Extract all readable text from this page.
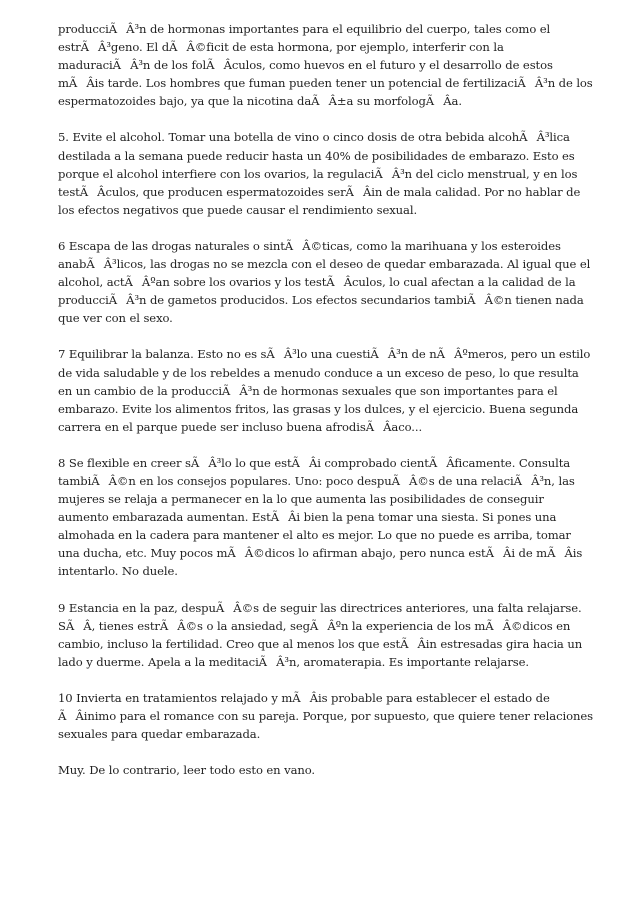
producciÃÂ³n de hormonas importantes para el equilibrio del cuerpo, tales como el estrÃÂ³geno. El dÃÂ©ficit de esta hormona, por ejemplo, interferir con la maduraciÃÂ³n de los folÃÂculos, como huevos en el futuro y el desarrollo de estos mÃÂis tarde. Los hombres que fuman pueden tener un potencial de fertilizaciÃÂ³n de los espermatozoides bajo, ya que la nicotina daÃÂ±a su morfologÃÂa.

5. Evite el alcohol. Tomar una botella de vino o cinco dosis de otra bebida alcohÃÂ³lica destilada a la semana puede reducir hasta un 40% de posibilidades de embarazo. Esto es porque el alcohol interfiere con los ovarios, la regulaciÃÂ³n del ciclo menstrual, y en los testÃÂculos, que producen espermatozoides serÃÂin de mala calidad. Por no hablar de los efectos negativos que puede causar el rendimiento sexual.

6 Escapa de las drogas naturales o sintÃÂ©ticas, como la marihuana y los esteroides anabÃÂ³licos, las drogas no se mezcla con el deseo de quedar embarazada. Al igual que el alcohol, actÃÂºan sobre los ovarios y los testÃÂculos, lo cual afectan a la calidad de la producciÃÂ³n de gametos producidos. Los efectos secundarios tambiÃÂ©n tienen nada que ver con el sexo.

7 Equilibrar la balanza. Esto no es sÃÂ³lo una cuestiÃÂ³n de nÃÂºmeros, pero un estilo de vida saludable y de los rebeldes a menudo conduce a un exceso de peso, lo que resulta en un cambio de la producciÃÂ³n de hormonas sexuales que son importantes para el embarazo. Evite los alimentos fritos, las grasas y los dulces, y el ejercicio. Buena segunda carrera en el parque puede ser incluso buena afrodisÃÂaco...

8 Se flexible en creer sÃÂ³lo lo que estÃÂi comprobado cientÃÂficamente. Consulta tambiÃÂ©n en los consejos populares. Uno: poco despuÃÂ©s de una relaciÃÂ³n, las mujeres se relaja a permanecer en la lo que aumenta las posibilidades de conseguir aumento embarazada aumentan. EstÃÂi bien la pena tomar una siesta. Si pones una almohada en la cadera para mantener el alto es mejor. Lo que no puede es arriba, tomar una ducha, etc. Muy pocos mÃÂ©dicos lo afirman abajo, pero nunca estÃÂi de mÃÂis intentarlo. No duele.

9 Estancia en la paz, despuÃÂ©s de seguir las directrices anteriores, una falta relajarse. SÃÂ, tienes estrÃÂ©s o la ansiedad, segÃÂºn la experiencia de los mÃÂ©dicos en cambio, incluso la fertilidad. Creo que al menos los que estÃÂin estresadas gira hacia un lado y duerme. Apela a la meditaciÃÂ³n, aromaterapia. Es importante relajarse.

10 Invierta en tratamientos relajado y mÃÂis probable para establecer el estado de ÃÂinimo para el romance con su pareja. Porque, por supuesto, que quiere tener relaciones sexuales para quedar embarazada.

Muy. De lo contrario, leer todo esto en vano.
